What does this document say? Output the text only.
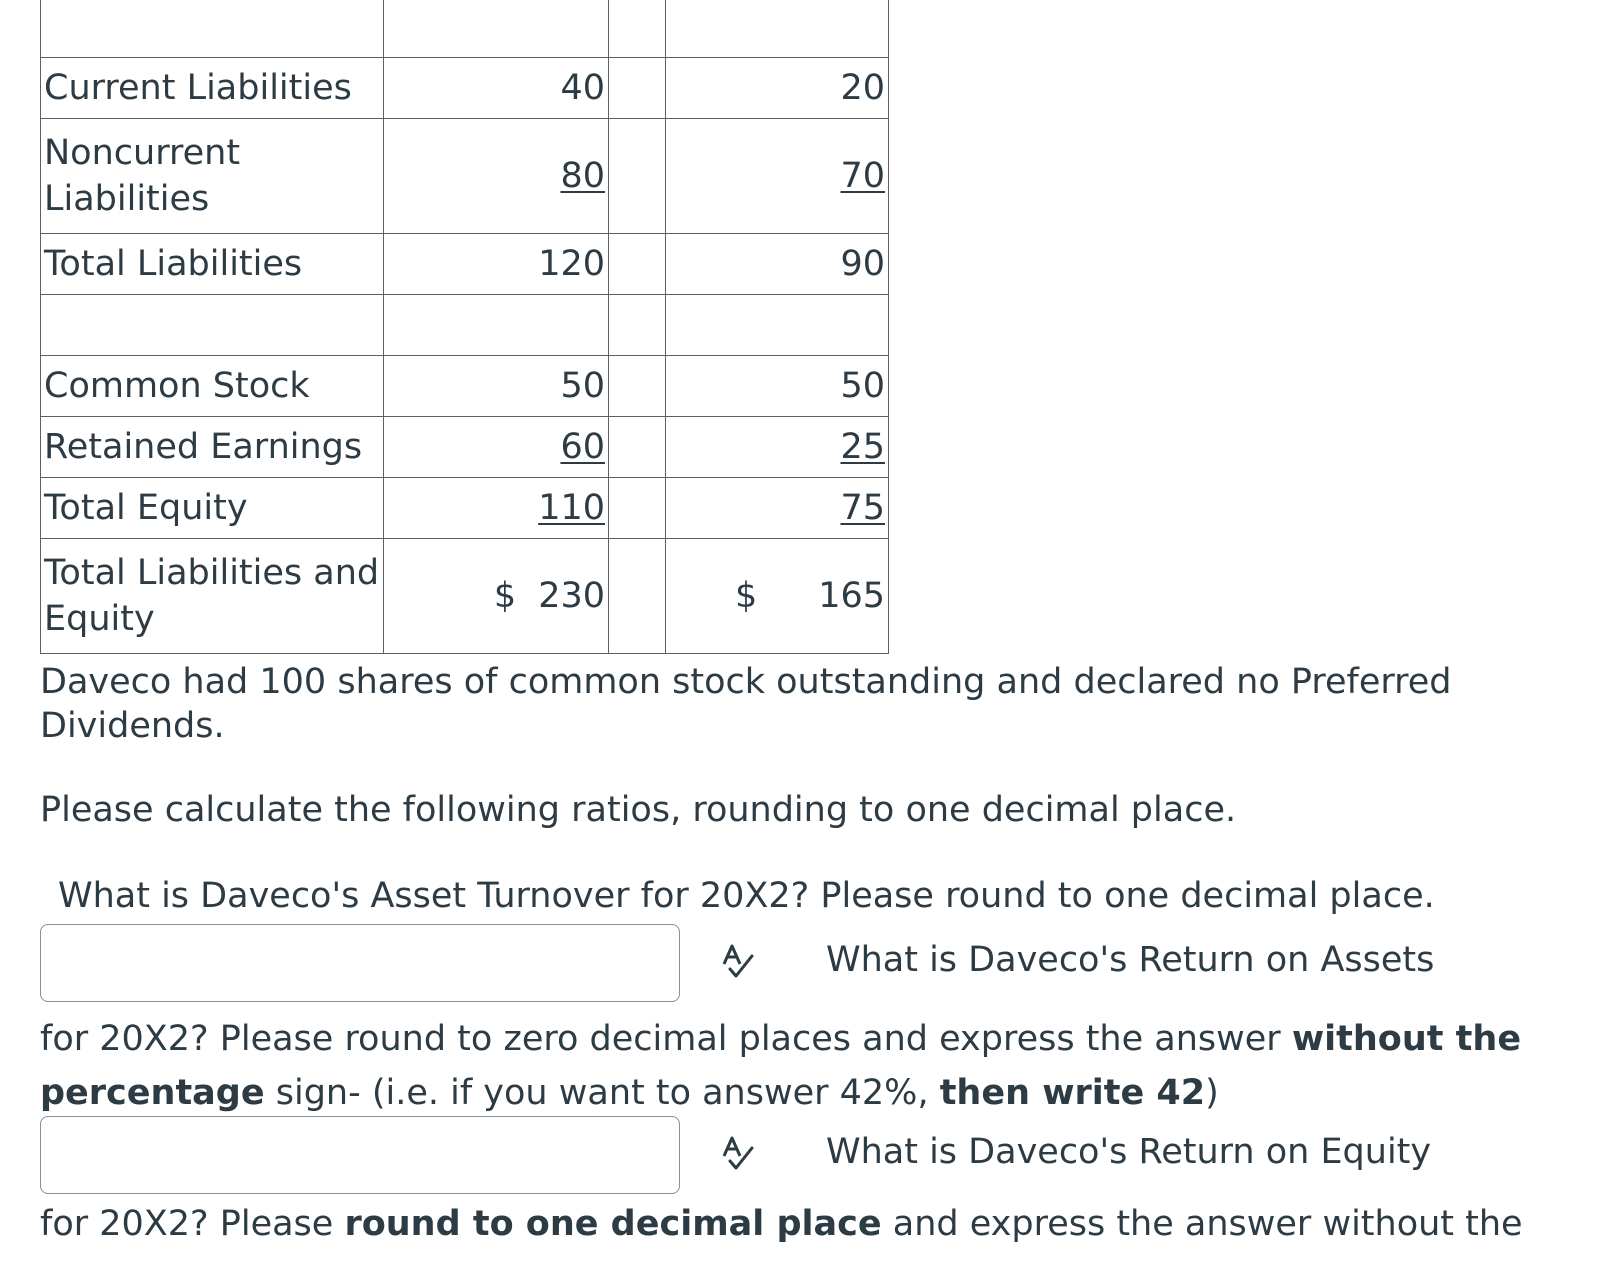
Current Liabilities	40		20
Noncurrent Liabilities	80		70
Total Liabilities	120		90

Common Stock	50		50
Retained Earnings	60		25
Total Equity	110		75
Total Liabilities and Equity	$ 230		$ 165

Daveco had 100 shares of common stock outstanding and declared no Preferred Dividends.

Please calculate the following ratios, rounding to one decimal place.

What is Daveco's Asset Turnover for 20X2? Please round to one decimal place.

What is Daveco's Return on Assets

for 20X2? Please round to zero decimal places and express the answer without the
percentage sign- (i.e. if you want to answer 42%, then write 42)

What is Daveco's Return on Equity

for 20X2? Please round to one decimal place and express the answer without the
